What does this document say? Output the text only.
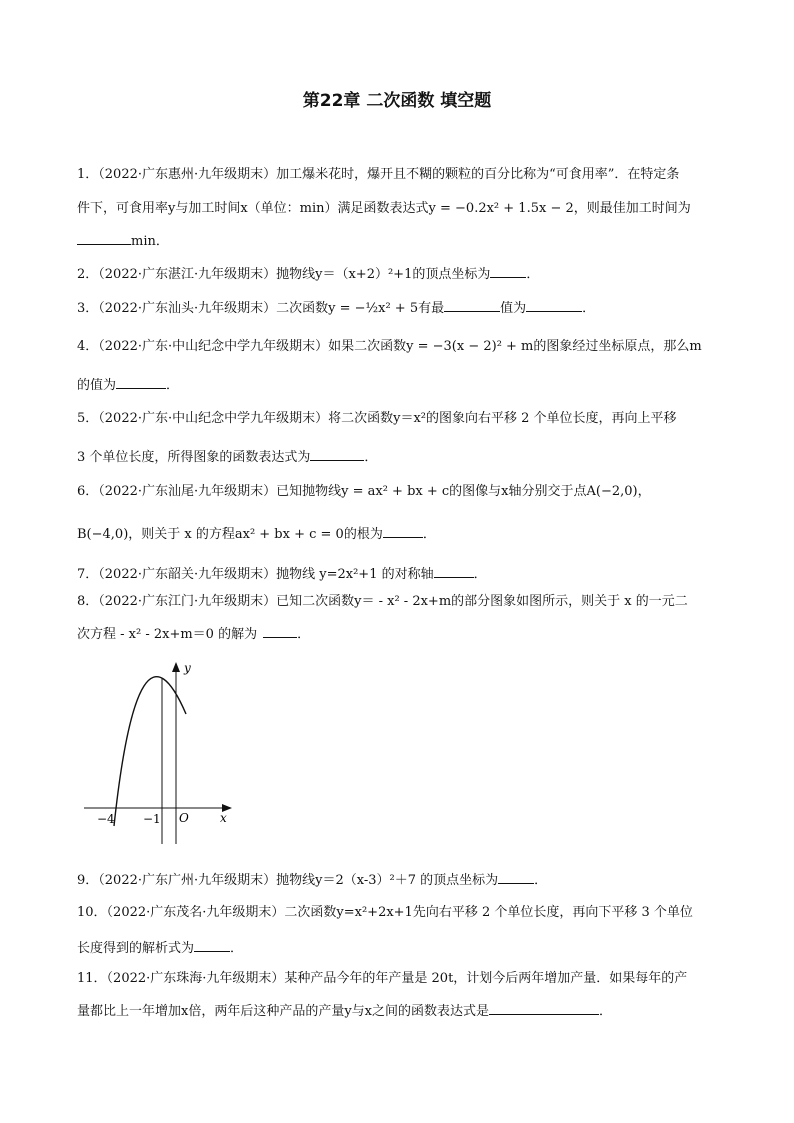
第22章 二次函数 填空题
1．（2022·广东惠州·九年级期末）加工爆米花时，爆开且不糊的颗粒的百分比称为“可食用率”．在特定条
件下，可食用率y与加工时间x（单位：min）满足函数表达式y = −0.2x² + 1.5x − 2，则最佳加工时间为
min．
2．（2022·广东湛江·九年级期末）抛物线y＝（x+2）²+1的顶点坐标为	．
3．（2022·广东汕头·九年级期末）二次函数y = −½x² + 5有最	值为	．
4．（2022·广东·中山纪念中学九年级期末）如果二次函数y = −3(x − 2)² + m的图象经过坐标原点，那么m
的值为	．
5．（2022·广东·中山纪念中学九年级期末）将二次函数y＝x²的图象向右平移 2 个单位长度，再向上平移
3 个单位长度，所得图象的函数表达式为	．
6．（2022·广东汕尾·九年级期末）已知抛物线y = ax² + bx + c的图像与x轴分别交于点A(−2,0)，
B(−4,0)，则关于 x 的方程ax² + bx + c = 0的根为	．
7．（2022·广东韶关·九年级期末）抛物线 y=2x²+1 的对称轴	．
8．（2022·广东江门·九年级期末）已知二次函数y＝ - x² - 2x+m的部分图象如图所示，则关于 x 的一元二
次方程 - x² - 2x+m＝0 的解为	．
y
x
O
−4 −1
9．（2022·广东广州·九年级期末）抛物线y＝2（x-3）²＋7 的顶点坐标为	．
10．（2022·广东茂名·九年级期末）二次函数y=x²+2x+1先向右平移 2 个单位长度，再向下平移 3 个单位
长度得到的解析式为	．
11．（2022·广东珠海·九年级期末）某种产品今年的年产量是 20t，计划今后两年增加产量．如果每年的产
量都比上一年增加x倍，两年后这种产品的产量y与x之间的函数表达式是	．
